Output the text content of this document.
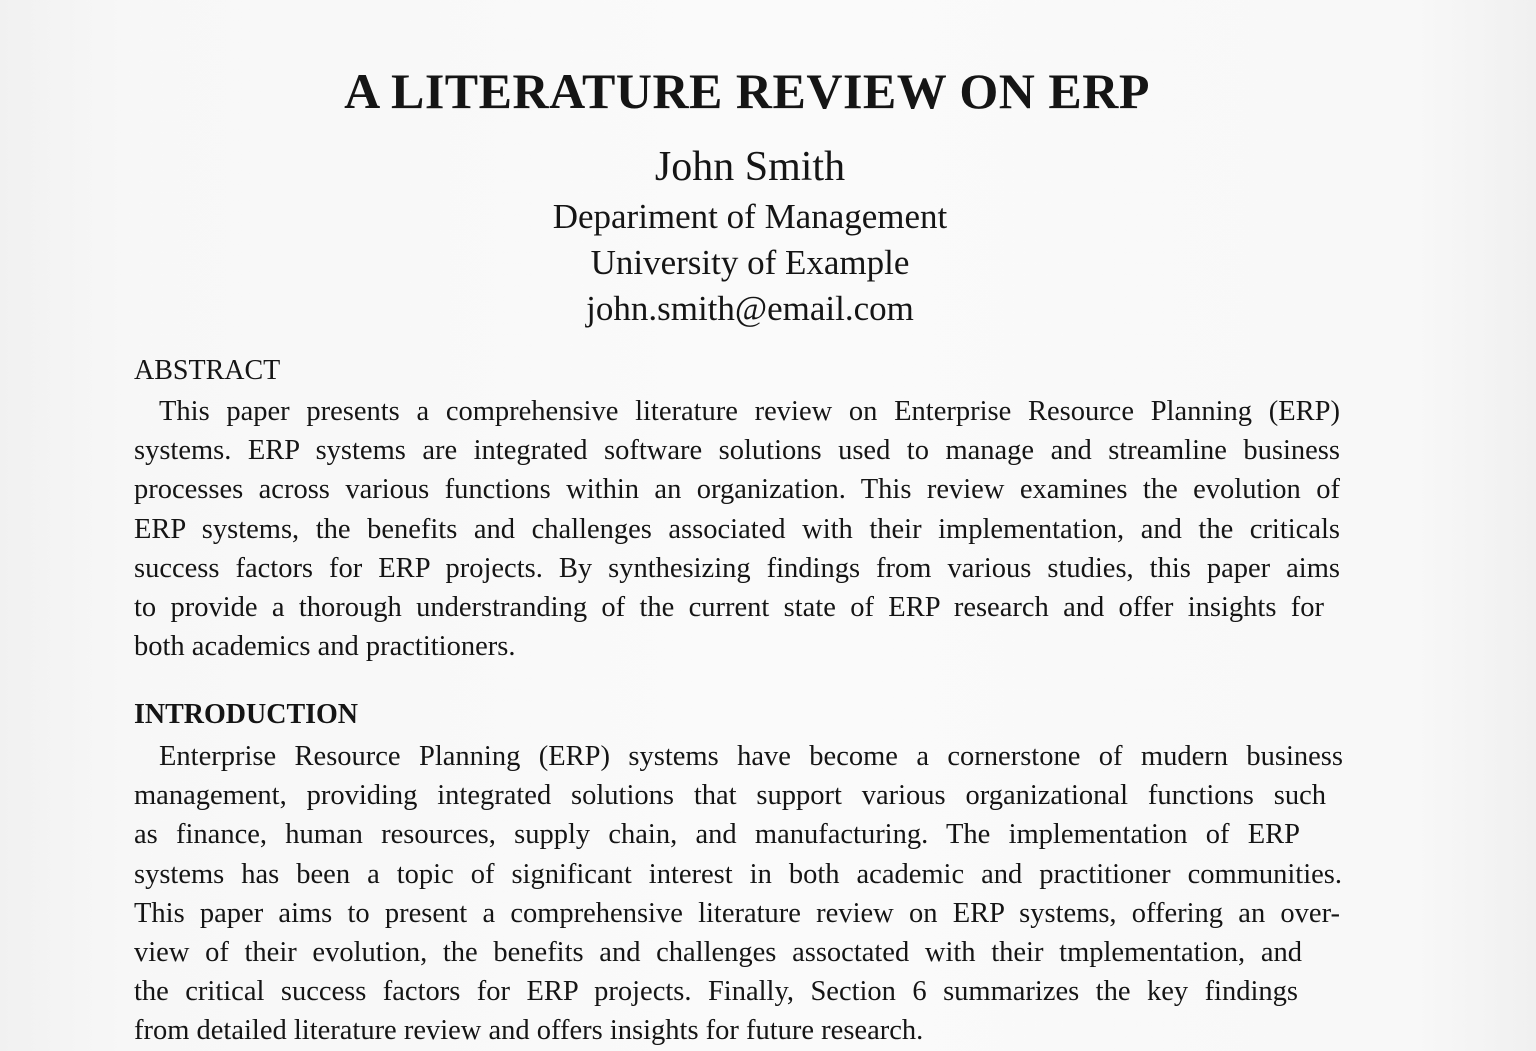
A LITERATURE REVIEW ON ERP
John Smith
Depariment of Management
University of Example
john.smith@email.com
ABSTRACT
This paper presents a comprehensive literature review on Enterprise Resource Planning (ERP)
systems. ERP systems are integrated software solutions used to manage and streamline business
processes across various functions within an organization. This review examines the evolution of
ERP systems, the benefits and challenges associated with their implementation, and the criticals
success factors for ERP projects. By synthesizing findings from various studies, this paper aims
to provide a thorough understranding of the current state of ERP research and offer insights for
both academics and practitioners.
INTRODUCTION
Enterprise Resource Planning (ERP) systems have become a cornerstone of mudern business
management, providing integrated solutions that support various organizational functions such
as finance, human resources, supply chain, and manufacturing. The implementation of ERP
systems has been a topic of significant interest in both academic and practitioner communities.
This paper aims to present a comprehensive literature review on ERP systems, offering an over-
view of their evolution, the benefits and challenges assoctated with their tmplementation, and
the critical success factors for ERP projects. Finally, Section 6 summarizes the key findings
from detailed literature review and offers insights for future research.
